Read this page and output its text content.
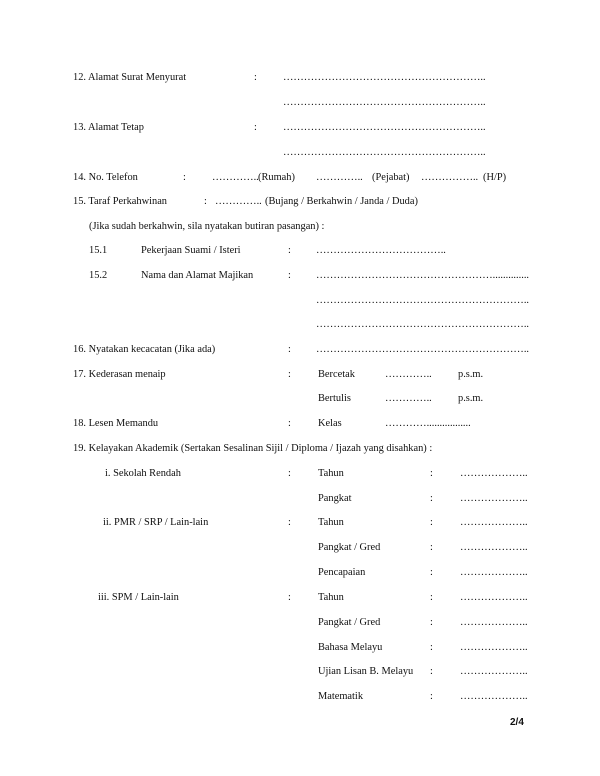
12. Alamat Surat Menyurat	:	…………………………………………………..
…………………………………………………..
13. Alamat Tetap	:	…………………………………………………..
…………………………………………………..
14. No. Telefon	:	………….. (Rumah) ………….. (Pejabat) …………….. (H/P)
15. Taraf Perkahwinan	: ………….. (Bujang / Berkahwin / Janda / Duda)
(Jika sudah berkahwin, sila nyatakan butiran pasangan) :
15.1	Pekerjaan Suami / Isteri	: ………………………………..
15.2	Nama dan Alamat Majikan	: ……………………………………………..............
……………………………………………………..
……………………………………………………..
16. Nyatakan kecacatan (Jika ada)	: ……………………………………………………..
17. Kederasan menaip	:	Bercetak	…………..	p.s.m.
Bertulis	…………..	p.s.m.
18. Lesen Memandu	:	Kelas	………….................
19. Kelayakan Akademik (Sertakan Sesalinan Sijil / Diploma / Ijazah yang disahkan) :
i. Sekolah Rendah	:	Tahun	:	………………..
Pangkat	:	………………..
ii. PMR / SRP / Lain-lain	:	Tahun	:	………………..
Pangkat / Gred	:	………………..
Pencapaian	:	………………..
iii. SPM / Lain-lain	:	Tahun	:	………………..
Pangkat / Gred	:	………………..
Bahasa Melayu	:	………………..
Ujian Lisan B. Melayu :	………………..
Matematik	:	………………..
2/4
